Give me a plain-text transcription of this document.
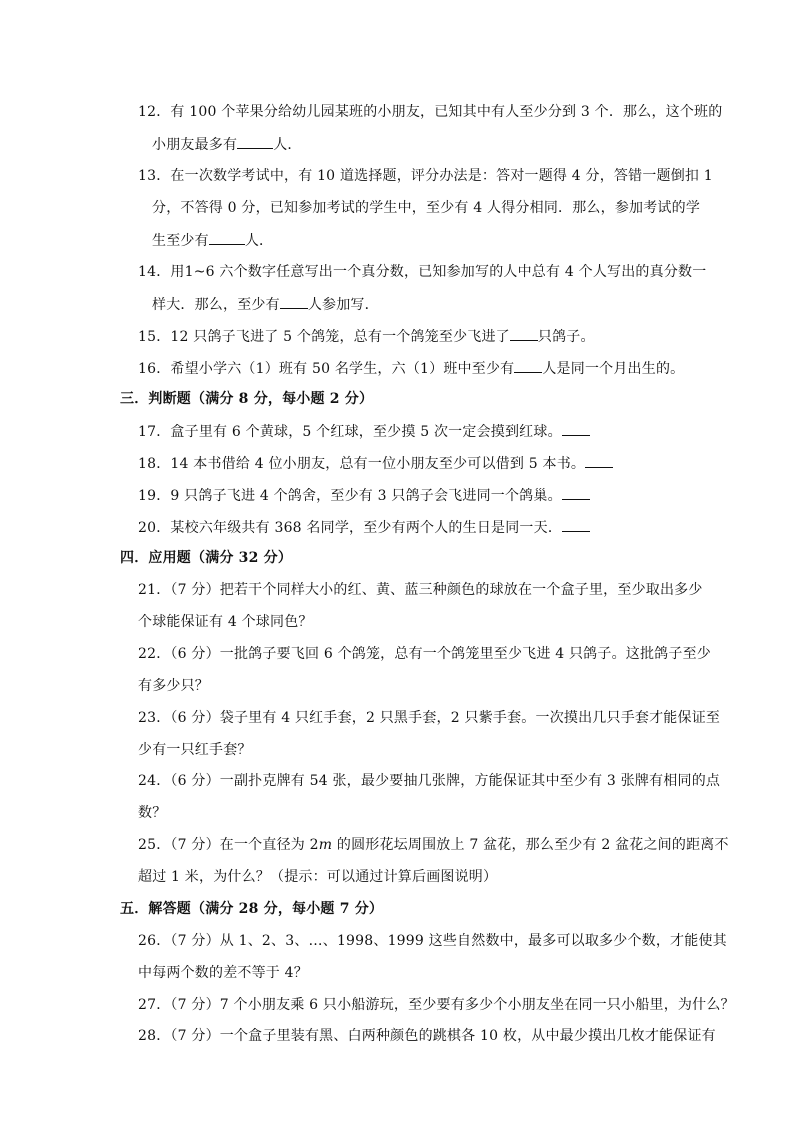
12．有 100 个苹果分给幼儿园某班的小朋友，已知其中有人至少分到 3 个．那么，这个班的
小朋友最多有	人．
13．在一次数学考试中，有 10 道选择题，评分办法是：答对一题得 4 分，答错一题倒扣 1
分，不答得 0 分，已知参加考试的学生中，至少有 4 人得分相同．那么，参加考试的学
生至少有	人．
14．用1~6 六个数字任意写出一个真分数，已知参加写的人中总有 4 个人写出的真分数一
样大．那么，至少有 人参加写．
15．12 只鸽子飞进了 5 个鸽笼，总有一个鸽笼至少飞进了 只鸽子。
16．希望小学六（1）班有 50 名学生，六（1）班中至少有 人是同一个月出生的。
三．判断题（满分 8 分，每小题 2 分）
17．盒子里有 6 个黄球，5 个红球，至少摸 5 次一定会摸到红球。
18．14 本书借给 4 位小朋友，总有一位小朋友至少可以借到 5 本书。
19．9 只鸽子飞进 4 个鸽舍，至少有 3 只鸽子会飞进同一个鸽巢。
20．某校六年级共有 368 名同学，至少有两个人的生日是同一天．
四．应用题（满分 32 分）
21．（7 分）把若干个同样大小的红、黄、蓝三种颜色的球放在一个盒子里，至少取出多少
个球能保证有 4 个球同色？
22．（6 分）一批鸽子要飞回 6 个鸽笼，总有一个鸽笼里至少飞进 4 只鸽子。这批鸽子至少
有多少只？
23．（6 分）袋子里有 4 只红手套，2 只黑手套，2 只紫手套。一次摸出几只手套才能保证至
少有一只红手套？
24．（6 分）一副扑克牌有 54 张，最少要抽几张牌，方能保证其中至少有 3 张牌有相同的点
数？
25．（7 分）在一个直径为 2m 的圆形花坛周围放上 7 盆花，那么至少有 2 盆花之间的距离不
超过 1 米，为什么？（提示：可以通过计算后画图说明）
五．解答题（满分 28 分，每小题 7 分）
26．（7 分）从 1、2、3、…、1998、1999 这些自然数中，最多可以取多少个数，才能使其
中每两个数的差不等于 4？
27．（7 分）7 个小朋友乘 6 只小船游玩，至少要有多少个小朋友坐在同一只小船里，为什么？
28．（7 分）一个盒子里装有黑、白两种颜色的跳棋各 10 枚，从中最少摸出几枚才能保证有
